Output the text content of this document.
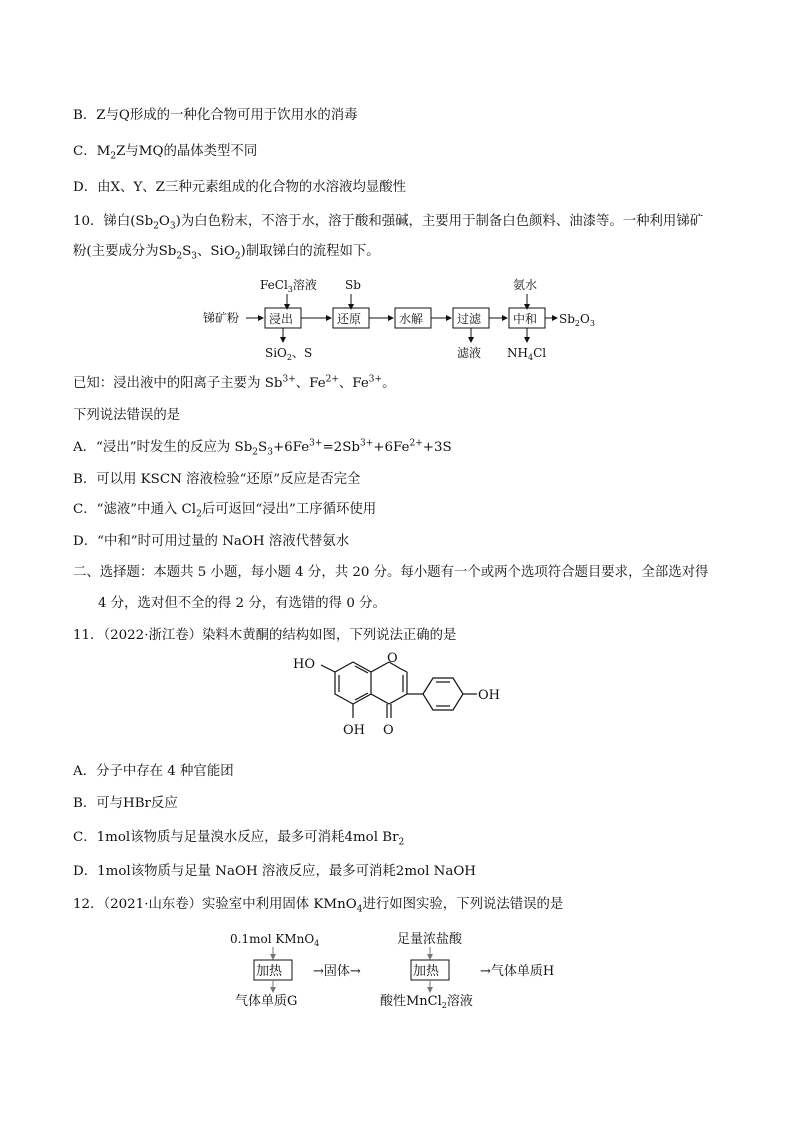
B．Z与Q形成的一种化合物可用于饮用水的消毒
C．$M_2Z$与MQ的晶体类型不同
D．由X、Y、Z三种元素组成的化合物的水溶液均显酸性
10．锑白$(Sb_2O_3)$为白色粉末，不溶于水，溶于酸和强碱，主要用于制备白色颜料、油漆等。一种利用锑矿
粉(主要成分为$Sb_2S_3$、SiO$_2$)制取锑白的流程如下。
FeCl$_3$溶液 Sb	氨水
锑矿粉 浸出	还原	水解	过滤	中和 $Sb_2O_3$
SiO$_2$、S	滤液 $NH_4Cl$
已知：浸出液中的阳离子主要为 $Sb^{3+}$、$Fe^{2+}$、$Fe^{3+}$。
下列说法错误的是
A．“浸出”时发生的反应为 $Sb_2S_3+6Fe^{3+}=2Sb^{3+}+6Fe^{2+}+3S$
B．可以用 KSCN 溶液检验“还原”反应是否完全
C．“滤液”中通入 $Cl_2$后可返回“浸出”工序循环使用
D．“中和”时可用过量的 NaOH 溶液代替氨水
二、选择题：本题共 5 小题，每小题 4 分，共 20 分。每小题有一个或两个选项符合题目要求，全部选对得
4 分，选对但不全的得 2 分，有选错的得 0 分。
11．（2022·浙江卷）染料木黄酮的结构如图，下列说法正确的是
HO	O
OH
OH O
A．分子中存在 4 种官能团
B．可与HBr反应
C．1mol该物质与足量溴水反应，最多可消耗4mol $Br_2$
D．1mol该物质与足量 NaOH 溶液反应，最多可消耗2mol NaOH
12．（2021·山东卷）实验室中利用固体 KMnO$_4$进行如图实验，下列说法错误的是
0.1mol KMnO$_4$	足量浓盐酸
加热 →固体→	加热	→气体单质H
气体单质G	酸性MnCl$_2$溶液
